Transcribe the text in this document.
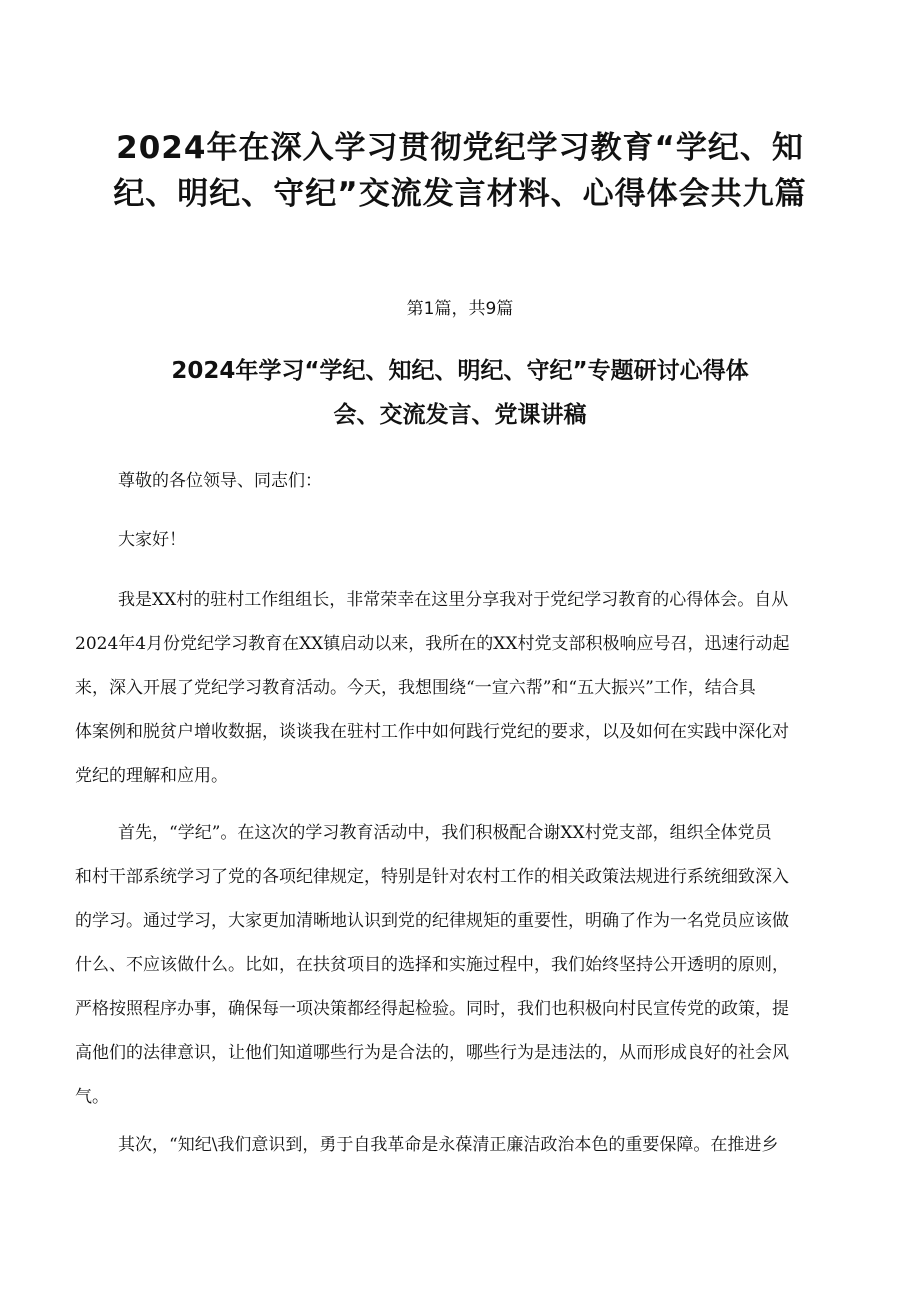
2024年在深入学习贯彻党纪学习教育“学纪、知
纪、明纪、守纪”交流发言材料、心得体会共九篇
第1篇，共9篇
2024年学习“学纪、知纪、明纪、守纪”专题研讨心得体
会、交流发言、党课讲稿
尊敬的各位领导、同志们：
大家好！
我是XX村的驻村工作组组长，非常荣幸在这里分享我对于党纪学习教育的心得体会。自从
2024年4月份党纪学习教育在XX镇启动以来，我所在的XX村党支部积极响应号召，迅速行动起
来，深入开展了党纪学习教育活动。今天，我想围绕“一宣六帮”和“五大振兴”工作，结合具
体案例和脱贫户增收数据，谈谈我在驻村工作中如何践行党纪的要求，以及如何在实践中深化对
党纪的理解和应用。
首先，“学纪”。在这次的学习教育活动中，我们积极配合谢XX村党支部，组织全体党员
和村干部系统学习了党的各项纪律规定，特别是针对农村工作的相关政策法规进行系统细致深入
的学习。通过学习，大家更加清晰地认识到党的纪律规矩的重要性，明确了作为一名党员应该做
什么、不应该做什么。比如，在扶贫项目的选择和实施过程中，我们始终坚持公开透明的原则，
严格按照程序办事，确保每一项决策都经得起检验。同时，我们也积极向村民宣传党的政策，提
高他们的法律意识，让他们知道哪些行为是合法的，哪些行为是违法的，从而形成良好的社会风
气。
其次，“知纪\我们意识到，勇于自我革命是永葆清正廉洁政治本色的重要保障。在推进乡
